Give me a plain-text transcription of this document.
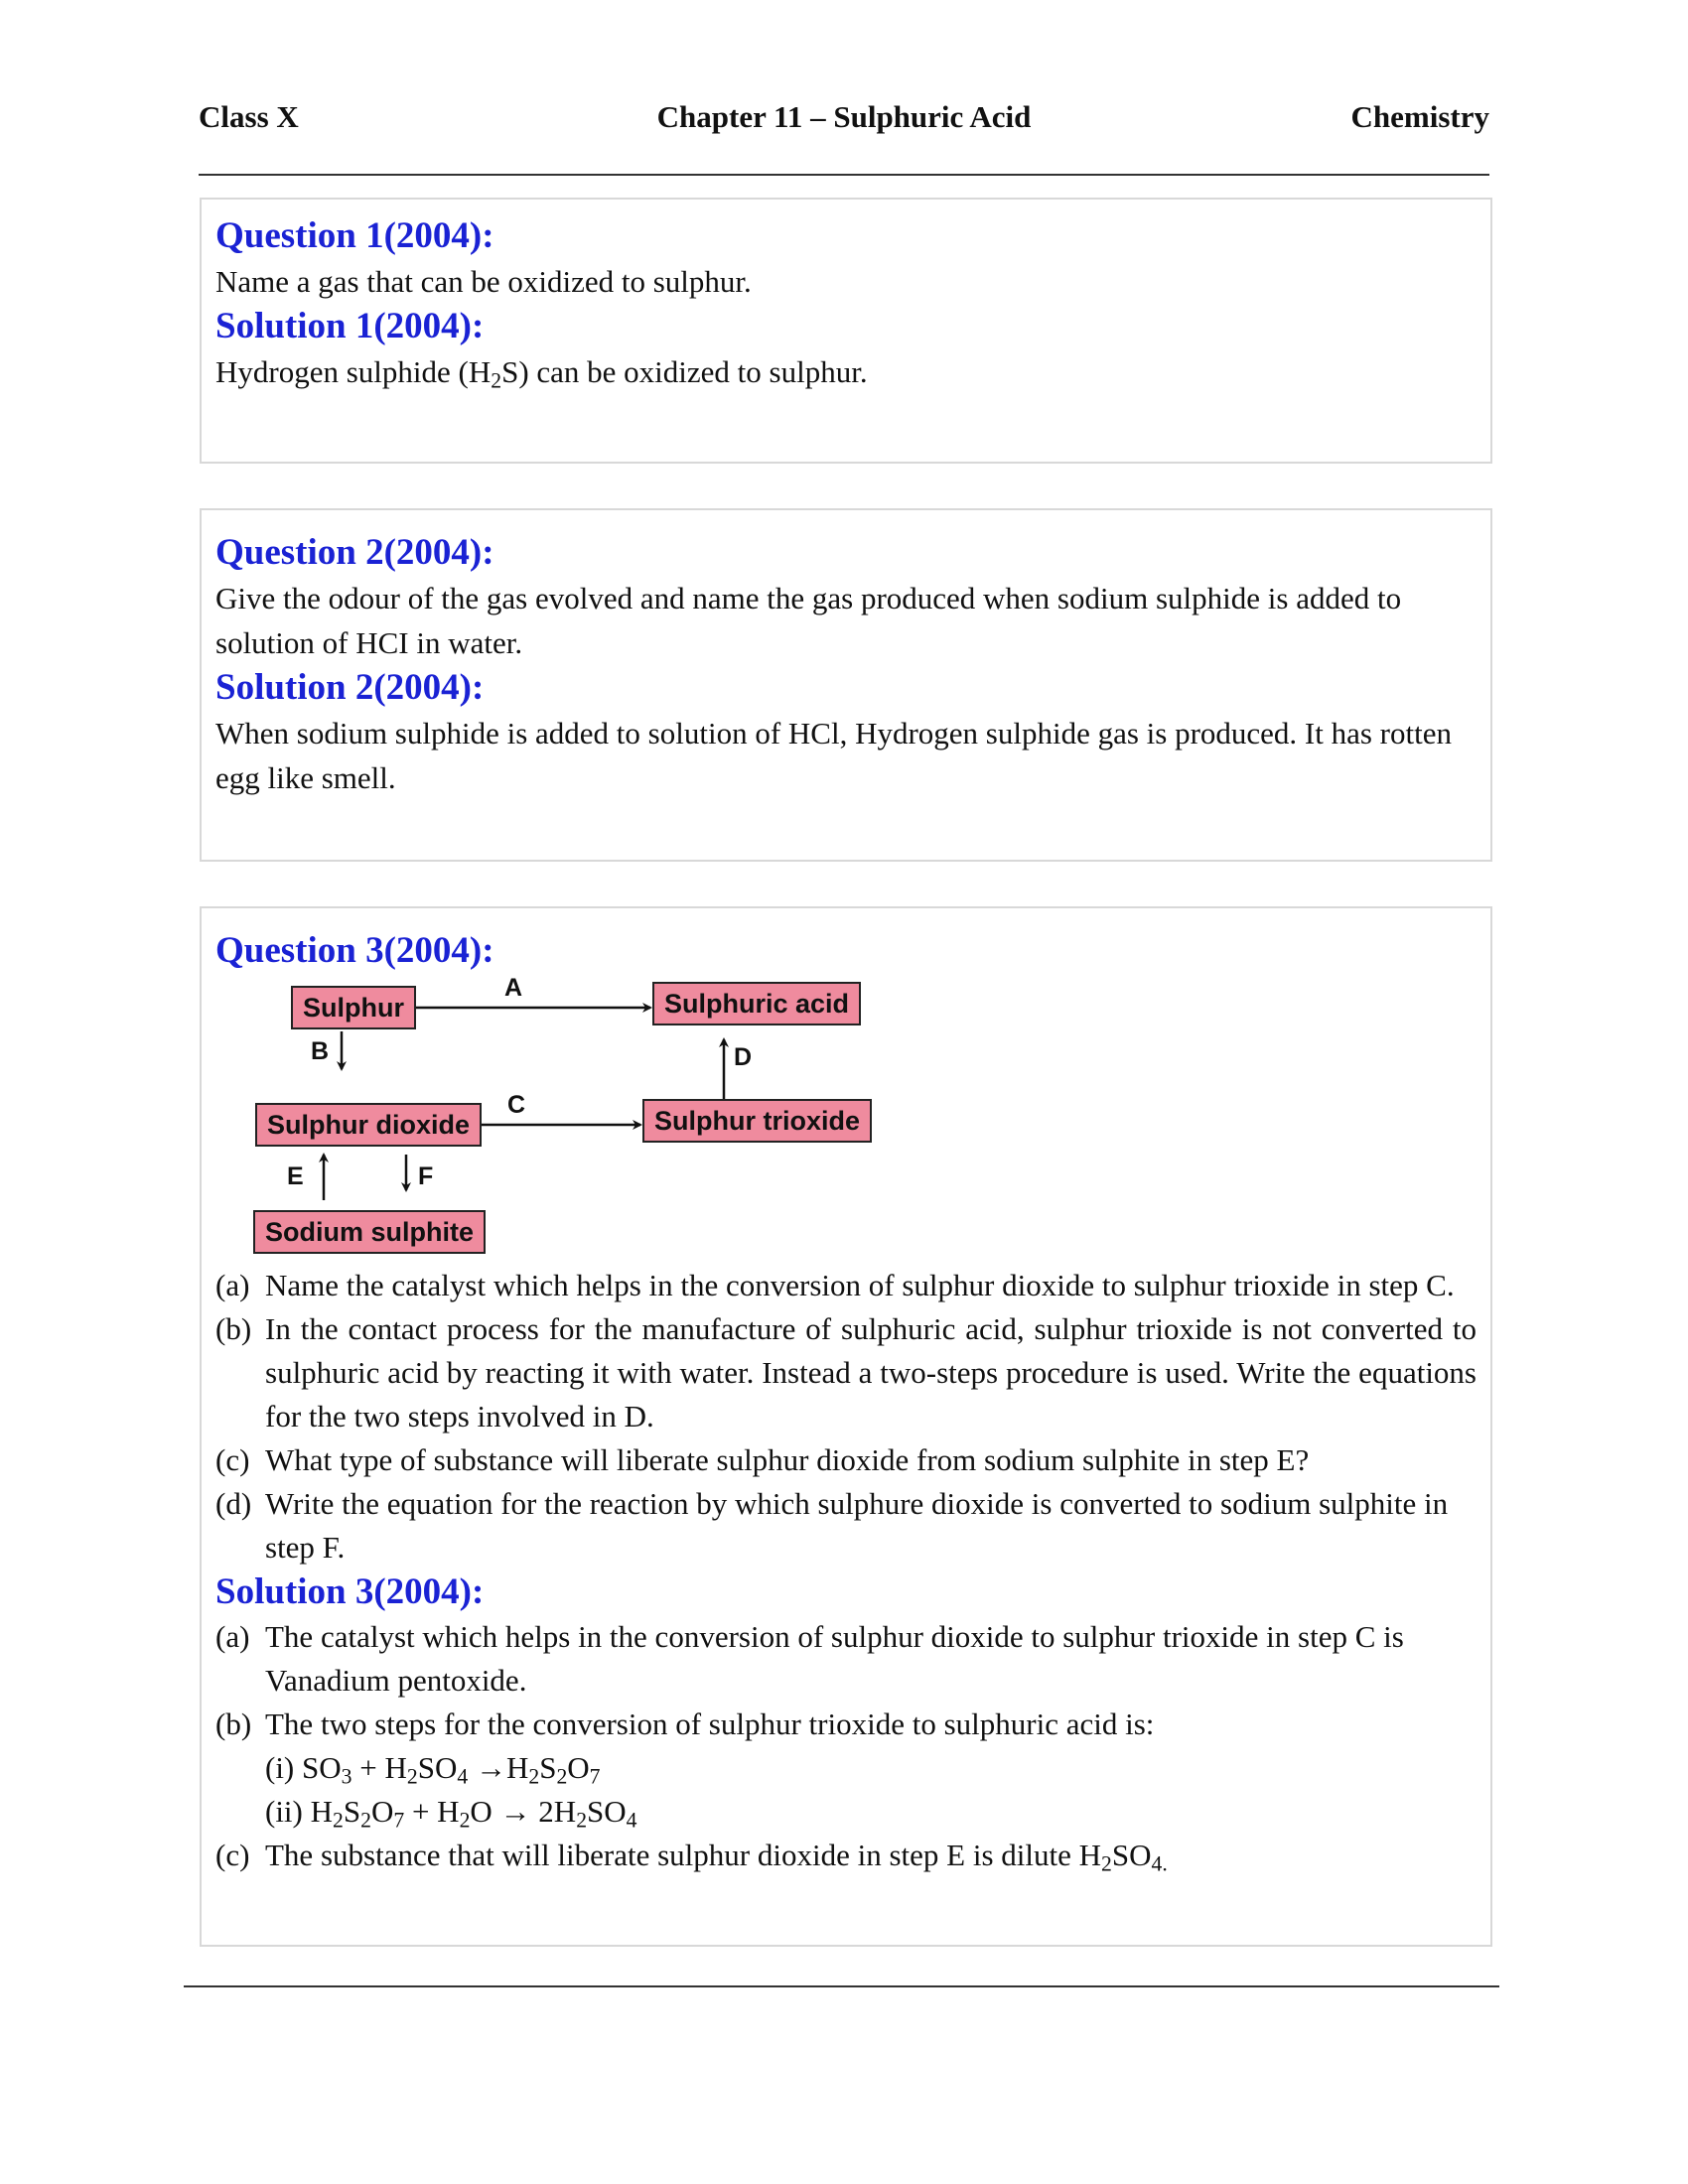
Chapter 11 – Sulphuric Acid
Class X	Chemistry

Question 1(2004):

Name a gas that can be oxidized to sulphur.

Solution 1(2004):

Hydrogen sulphide $(H_2S)$ can be oxidized to sulphur.

Question 2(2004):

Give the odour of the gas evolved and name the gas produced when sodium sulphide is added to solution of HCI in water.

Solution 2(2004):

When sodium sulphide is added to solution of HCl, Hydrogen sulphide gas is produced. It has rotten egg like smell.

Question 3(2004):

Sulphur	Sulphuric acid
Sulphur dioxide	Sulphur trioxide
Sodium sulphite
A
B
C
D
E	F
(a) Name the catalyst which helps in the conversion of sulphur dioxide to sulphur trioxide in step C.
(b) In the contact process for the manufacture of sulphuric acid, sulphur trioxide is not converted to sulphuric acid by reacting it with water. Instead a two-steps procedure is used. Write the equations for the two steps involved in D.
(c) What type of substance will liberate sulphur dioxide from sodium sulphite in step E?
(d) Write the equation for the reaction by which sulphure dioxide is converted to sodium sulphite in step F.

Solution 3(2004):

(a) The catalyst which helps in the conversion of sulphur dioxide to sulphur trioxide in step C is Vanadium pentoxide.
(b) The two steps for the conversion of sulphur trioxide to sulphuric acid is:
(i) $SO_3 + H_2SO_4 \to H_2S_2O_7$
(ii) $H_2S_2O_7 + H_2O \to 2H_2SO_4$
(c) The substance that will liberate sulphur dioxide in step E is dilute $H_2SO_{4.}$
